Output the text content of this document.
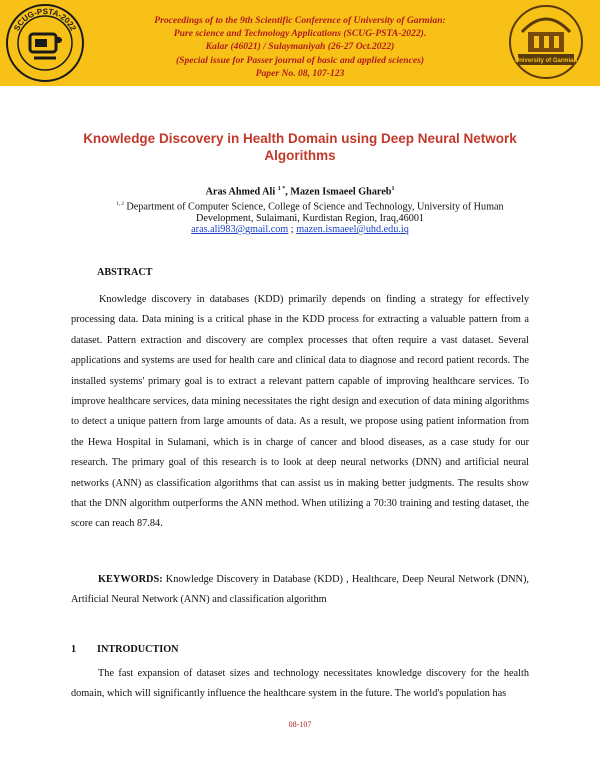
SCUG-PSTA-2022
Proceedings of to the 9th Scientific Conference of University of Garmian:
Pure science and Technology Applications (SCUG-PSTA-2022).
Kalar (46021) / Sulaymaniyah (26-27 Oct.2022)
(Special issue for Passer journal of basic and applied sciences)
Paper No. 08, 107-123
University of Garmian
Knowledge Discovery in Health Domain using Deep Neural Network
Algorithms
Aras Ahmed Ali $^{1 *}$, Mazen Ismaeel Ghareb$^1$
$^{1, 2}$ Department of Computer Science, College of Science and Technology, University of Human
Development, Sulaimani, Kurdistan Region, Iraq,46001
aras.ali983@gmail.com ; mazen.ismaeel@uhd.edu.iq
ABSTRACT

Knowledge discovery in databases (KDD) primarily depends on finding a strategy for effectively processing data. Data mining is a critical phase in the KDD process for extracting a valuable pattern from a dataset. Pattern extraction and discovery are complex processes that often require a vast dataset. Several applications and systems are used for health care and clinical data to diagnose and record patient records. The installed systems' primary goal is to extract a relevant pattern capable of improving healthcare services. To improve healthcare services, data mining necessitates the right design and execution of data mining algorithms to detect a unique pattern from large amounts of data. As a result, we propose using patient information from the Hewa Hospital in Sulamani, which is in charge of cancer and blood diseases, as a case study for our research. The primary goal of this research is to look at deep neural networks (DNN) and artificial neural networks (ANN) as classification algorithms that can assist us in making better judgments. The results show that the DNN algorithm outperforms the ANN method. When utilizing a 70:30 training and testing dataset, the score can reach 87.84.

KEYWORDS: Knowledge Discovery in Database (KDD) , Healthcare, Deep Neural Network (DNN), Artificial Neural Network (ANN) and classification algorithm

1 INTRODUCTION

The fast expansion of dataset sizes and technology necessitates knowledge discovery for the health domain, which will significantly influence the healthcare system in the future. The world's population has

08-107
